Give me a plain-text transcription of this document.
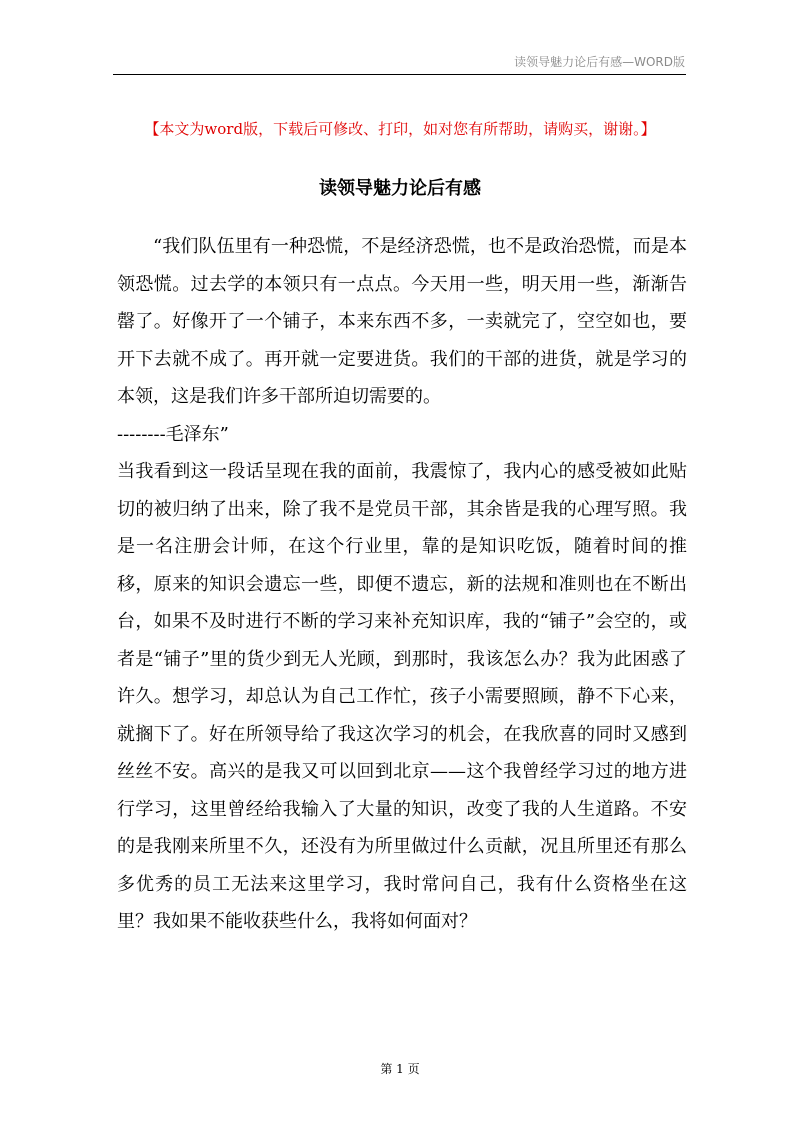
读领导魅力论后有感—WORD版
【本文为word版，下载后可修改、打印，如对您有所帮助，请购买，谢谢。】
读领导魅力论后有感

“我们队伍里有一种恐慌，不是经济恐慌，也不是政治恐慌，而是本领恐慌。过去学的本领只有一点点。今天用一些，明天用一些，渐渐告罄了。好像开了一个铺子，本来东西不多，一卖就完了，空空如也，要开下去就不成了。再开就一定要进货。我们的干部的进货，就是学习的本领，这是我们许多干部所迫切需要的。

--------毛泽东”

当我看到这一段话呈现在我的面前，我震惊了，我内心的感受被如此贴切的被归纳了出来，除了我不是党员干部，其余皆是我的心理写照。我是一名注册会计师，在这个行业里，靠的是知识吃饭，随着时间的推移，原来的知识会遗忘一些，即便不遗忘，新的法规和准则也在不断出台，如果不及时进行不断的学习来补充知识库，我的“铺子”会空的，或者是“铺子”里的货少到无人光顾，到那时，我该怎么办？我为此困惑了许久。想学习，却总认为自己工作忙，孩子小需要照顾，静不下心来，就搁下了。好在所领导给了我这次学习的机会，在我欣喜的同时又感到丝丝不安。高兴的是我又可以回到北京——这个我曾经学习过的地方进行学习，这里曾经给我输入了大量的知识，改变了我的人生道路。不安的是我刚来所里不久，还没有为所里做过什么贡献，况且所里还有那么多优秀的员工无法来这里学习，我时常问自己，我有什么资格坐在这里？我如果不能收获些什么，我将如何面对？

第 1 页
